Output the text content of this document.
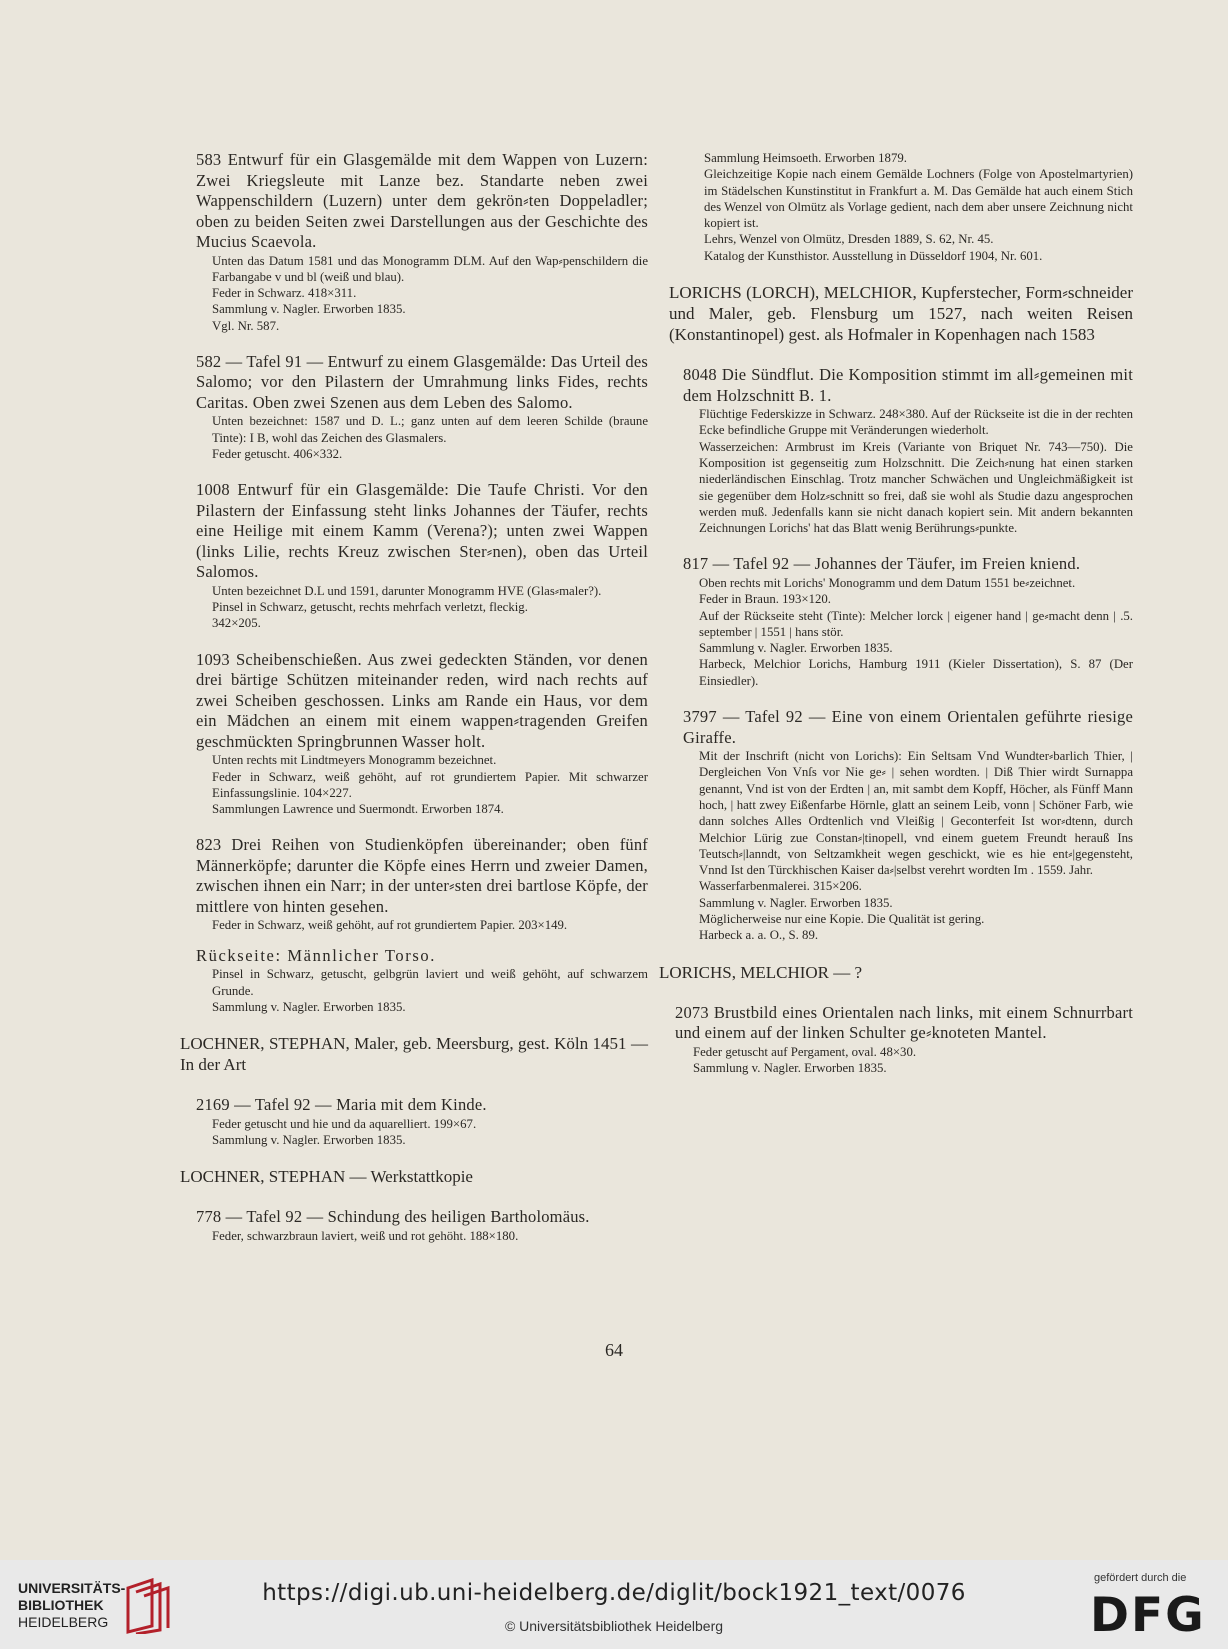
583 Entwurf für ein Glasgemälde mit dem Wappen von Luzern: Zwei Kriegsleute mit Lanze bez. Standarte neben zwei Wappenschildern (Luzern) unter dem gekrön⸗ten Doppeladler; oben zu beiden Seiten zwei Darstellungen aus der Geschichte des Mucius Scaevola.

Unten das Datum 1581 und das Monogramm DLM. Auf den Wap⸗penschildern die Farbangabe v und bl (weiß und blau).

Feder in Schwarz. 418×311.

Sammlung v. Nagler. Erworben 1835.

Vgl. Nr. 587.

582 — Tafel 91 — Entwurf zu einem Glasgemälde: Das Urteil des Salomo; vor den Pilastern der Umrahmung links Fides, rechts Caritas. Oben zwei Szenen aus dem Leben des Salomo.

Unten bezeichnet: 1587 und D. L.; ganz unten auf dem leeren Schilde (braune Tinte): I B, wohl das Zeichen des Glasmalers.

Feder getuscht. 406×332.

1008 Entwurf für ein Glasgemälde: Die Taufe Christi. Vor den Pilastern der Einfassung steht links Johannes der Täufer, rechts eine Heilige mit einem Kamm (Verena?); unten zwei Wappen (links Lilie, rechts Kreuz zwischen Ster⸗nen), oben das Urteil Salomos.

Unten bezeichnet D.L und 1591, darunter Monogramm HVE (Glas⸗maler?).

Pinsel in Schwarz, getuscht, rechts mehrfach verletzt, fleckig.

342×205.

1093 Scheibenschießen. Aus zwei gedeckten Ständen, vor denen drei bärtige Schützen miteinander reden, wird nach rechts auf zwei Scheiben geschossen. Links am Rande ein Haus, vor dem ein Mädchen an einem mit einem wappen⸗tragenden Greifen geschmückten Springbrunnen Wasser holt.

Unten rechts mit Lindtmeyers Monogramm bezeichnet.

Feder in Schwarz, weiß gehöht, auf rot grundiertem Papier. Mit schwarzer Einfassungslinie. 104×227.

Sammlungen Lawrence und Suermondt. Erworben 1874.

823 Drei Reihen von Studienköpfen übereinander; oben fünf Männerköpfe; darunter die Köpfe eines Herrn und zweier Damen, zwischen ihnen ein Narr; in der unter⸗sten drei bartlose Köpfe, der mittlere von hinten gesehen.

Feder in Schwarz, weiß gehöht, auf rot grundiertem Papier. 203×149.

Rückseite: Männlicher Torso.

Pinsel in Schwarz, getuscht, gelbgrün laviert und weiß gehöht, auf schwarzem Grunde.

Sammlung v. Nagler. Erworben 1835.

LOCHNER, STEPHAN, Maler, geb. Meersburg, gest. Köln 1451 — In der Art
2169 — Tafel 92 — Maria mit dem Kinde.

Feder getuscht und hie und da aquarelliert. 199×67.

Sammlung v. Nagler. Erworben 1835.

LOCHNER, STEPHAN — Werkstattkopie
778 — Tafel 92 — Schindung des heiligen Bartholomäus.

Feder, schwarzbraun laviert, weiß und rot gehöht. 188×180.

Sammlung Heimsoeth. Erworben 1879.

Gleichzeitige Kopie nach einem Gemälde Lochners (Folge von Apostelmartyrien) im Städelschen Kunstinstitut in Frankfurt a. M. Das Gemälde hat auch einem Stich des Wenzel von Olmütz als Vorlage gedient, nach dem aber unsere Zeichnung nicht kopiert ist.

Lehrs, Wenzel von Olmütz, Dresden 1889, S. 62, Nr. 45.

Katalog der Kunsthistor. Ausstellung in Düsseldorf 1904, Nr. 601.

LORICHS (LORCH), MELCHIOR, Kupferstecher, Form⸗schneider und Maler, geb. Flensburg um 1527, nach weiten Reisen (Konstantinopel) gest. als Hofmaler in Kopenhagen nach 1583
8048 Die Sündflut. Die Komposition stimmt im all⸗gemeinen mit dem Holzschnitt B. 1.

Flüchtige Federskizze in Schwarz. 248×380. Auf der Rückseite ist die in der rechten Ecke befindliche Gruppe mit Veränderungen wiederholt.

Wasserzeichen: Armbrust im Kreis (Variante von Briquet Nr. 743—750). Die Komposition ist gegenseitig zum Holzschnitt. Die Zeich⸗nung hat einen starken niederländischen Einschlag. Trotz mancher Schwächen und Ungleichmäßigkeit ist sie gegenüber dem Holz⸗schnitt so frei, daß sie wohl als Studie dazu angesprochen werden muß. Jedenfalls kann sie nicht danach kopiert sein. Mit andern bekannten Zeichnungen Lorichs' hat das Blatt wenig Berührungs⸗punkte.

817 — Tafel 92 — Johannes der Täufer, im Freien kniend.

Oben rechts mit Lorichs' Monogramm und dem Datum 1551 be⸗zeichnet.

Feder in Braun. 193×120.

Auf der Rückseite steht (Tinte): Melcher lorck | eigener hand | ge⸗macht denn | .5. september | 1551 | hans stör.

Sammlung v. Nagler. Erworben 1835.

Harbeck, Melchior Lorichs, Hamburg 1911 (Kieler Dissertation), S. 87 (Der Einsiedler).

3797 — Tafel 92 — Eine von einem Orientalen geführte riesige Giraffe.

Mit der Inschrift (nicht von Lorichs): Ein Seltsam Vnd Wundter⸗barlich Thier, | Dergleichen Von Vnſs vor Nie ge⸗ | sehen wordten. | Diß Thier wirdt Surnappa genannt, Vnd ist von der Erdten | an, mit sambt dem Kopff, Höcher, als Fünff Mann hoch, | hatt zwey Eißenfarbe Hörnle, glatt an seinem Leib, vonn | Schöner Farb, wie dann solches Alles Ordtenlich vnd Vleißig | Geconterfeit Ist wor⸗dtenn, durch Melchior Lürig zue Constan⸗|tinopell, vnd einem guetem Freundt herauß Ins Teutsch⸗|lanndt, von Seltzamkheit wegen geschickt, wie es hie ent⸗|gegensteht, Vnnd Ist den Türckhischen Kaiser da⸗|selbst verehrt wordten Im . 1559. Jahr.

Wasserfarbenmalerei. 315×206.

Sammlung v. Nagler. Erworben 1835.

Möglicherweise nur eine Kopie. Die Qualität ist gering.

Harbeck a. a. O., S. 89.

LORICHS, MELCHIOR — ?
2073 Brustbild eines Orientalen nach links, mit einem Schnurrbart und einem auf der linken Schulter ge⸗knoteten Mantel.

Feder getuscht auf Pergament, oval. 48×30.

Sammlung v. Nagler. Erworben 1835.

64
UNIVERSITÄTS-
BIBLIOTHEK
HEIDELBERG
https://digi.ub.uni-heidelberg.de/diglit/bock1921_text/0076
© Universitätsbibliothek Heidelberg
gefördert durch die
DFG
